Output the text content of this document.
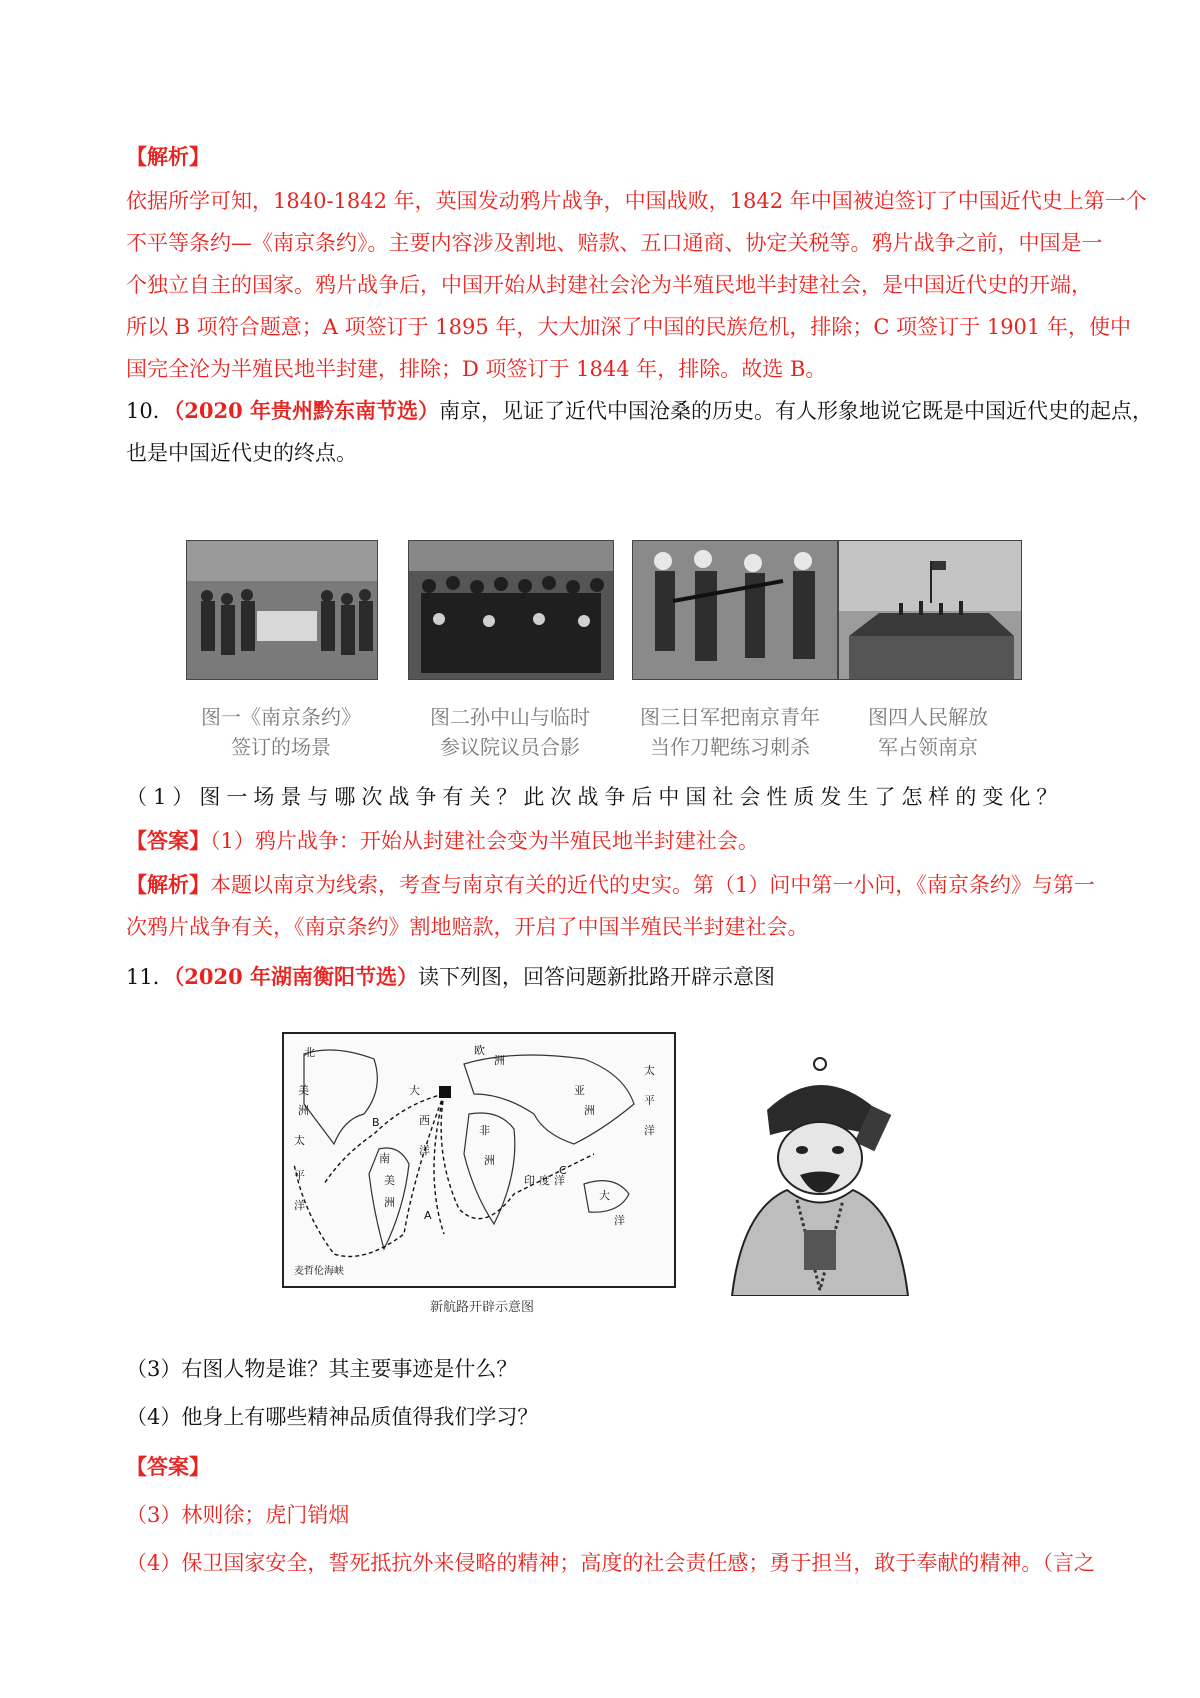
【解析】

依据所学可知，1840-1842 年，英国发动鸦片战争，中国战败，1842 年中国被迫签订了中国近代史上第一个

不平等条约—《南京条约》。主要内容涉及割地、赔款、五口通商、协定关税等。鸦片战争之前，中国是一

个独立自主的国家。鸦片战争后，中国开始从封建社会沦为半殖民地半封建社会，是中国近代史的开端，

所以 B 项符合题意；A 项签订于 1895 年，大大加深了中国的民族危机，排除；C 项签订于 1901 年，使中

国完全沦为半殖民地半封建，排除；D 项签订于 1844 年，排除。故选 B。

10．（2020 年贵州黔东南节选）南京，见证了近代中国沧桑的历史。有人形象地说它既是中国近代史的起点，

也是中国近代史的终点。

图一《南京条约》
签订的场景
图二孙中山与临时
参议院议员合影
图三日军把南京青年
当作刀靶练习刺杀
图四人民解放
军占领南京

（1）图一场景与哪次战争有关？此次战争后中国社会性质发生了怎样的变化？

【答案】（1）鸦片战争：开始从封建社会变为半殖民地半封建社会。

【解析】本题以南京为线索，考查与南京有关的近代的史实。第（1）问中第一小问，《南京条约》与第一

次鸦片战争有关，《南京条约》割地赔款，开启了中国半殖民半封建社会。

11．（2020 年湖南衡阳节选）读下列图，回答问题新批路开辟示意图

北
美
洲
太
平
洋
欧
洲
大
西
洋
南
美
洲
非
洲
印 度 洋
亚
洲
大
洋
太
平
洋
麦哲伦海峡
A
B
C
新航路开辟示意图

（3）右图人物是谁？其主要事迹是什么？

（4）他身上有哪些精神品质值得我们学习？

【答案】

（3）林则徐；虎门销烟

（4）保卫国家安全，誓死抵抗外来侵略的精神；高度的社会责任感；勇于担当，敢于奉献的精神。（言之
